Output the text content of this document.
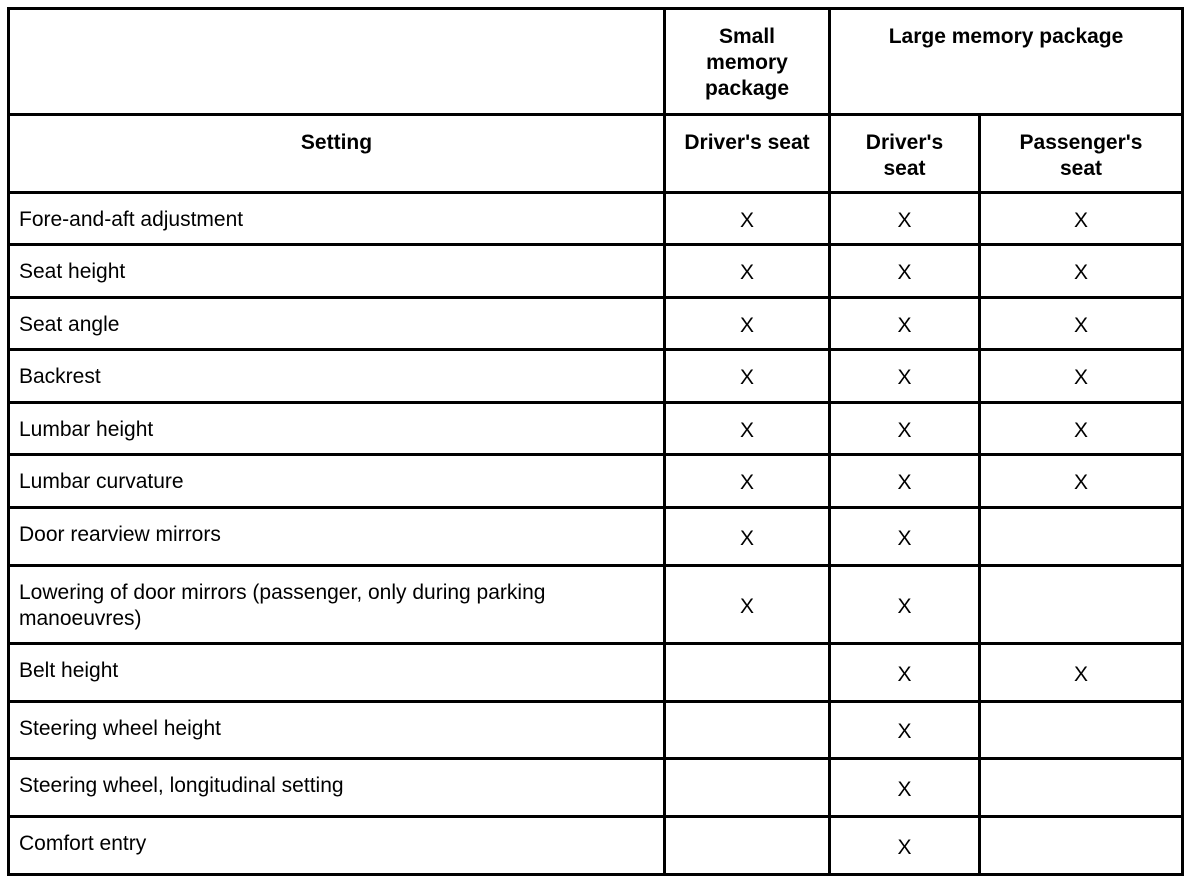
	Small memory package	Large memory package	

Setting	Driver's seat	Driver's seat	Passenger's seat

Fore-and-aft adjustment	X	X	X

Seat height	X	X	X

Seat angle	X	X	X

Backrest	X	X	X

Lumbar height	X	X	X

Lumbar curvature	X	X	X

Door rearview mirrors	X	X	

Lowering of door mirrors (passenger, only during parking manoeuvres)	X	X	

Belt height		X	X

Steering wheel height		X	

Steering wheel, longitudinal setting		X	

Comfort entry		X	
